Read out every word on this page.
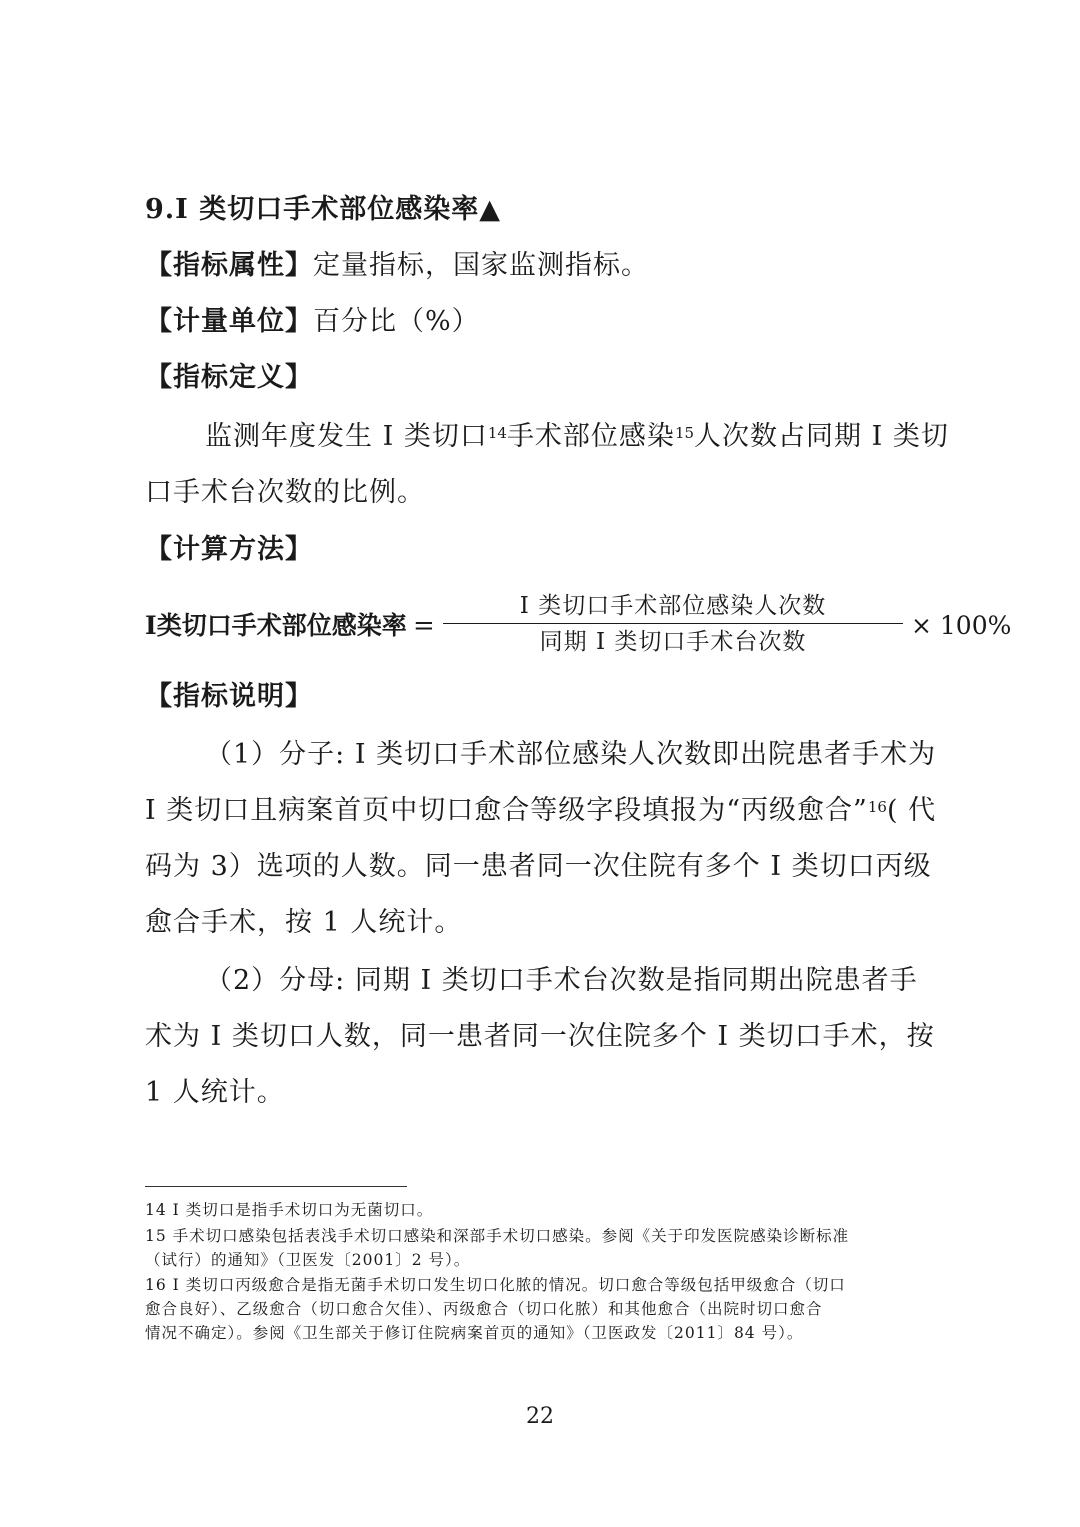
9.I 类切口手术部位感染率▲
【指标属性】定量指标，国家监测指标。
【计量单位】百分比（%）
【指标定义】
监测年度发生 I 类切口$^{14}$手术部位感染$^{15}$人次数占同期 I 类切
口手术台次数的比例。
【计算方法】
I类切口手术部位感染率 =
I 类切口手术部位感染人次数
同期 I 类切口手术台次数
× 100%
【指标说明】
（1）分子: I 类切口手术部位感染人次数即出院患者手术为
I 类切口且病案首页中切口愈合等级字段填报为“丙级愈合”$^{16}$( 代
码为 3）选项的人数。同一患者同一次住院有多个 I 类切口丙级
愈合手术，按 1 人统计。
（2）分母: 同期 I 类切口手术台次数是指同期出院患者手
术为 I 类切口人数，同一患者同一次住院多个 I 类切口手术，按
1 人统计。
14 I 类切口是指手术切口为无菌切口。
15 手术切口感染包括表浅手术切口感染和深部手术切口感染。参阅《关于印发医院感染诊断标准
（试行）的通知》（卫医发〔2001〕2 号）。
16 I 类切口丙级愈合是指无菌手术切口发生切口化脓的情况。切口愈合等级包括甲级愈合（切口
愈合良好）、乙级愈合（切口愈合欠佳）、丙级愈合（切口化脓）和其他愈合（出院时切口愈合
情况不确定）。参阅《卫生部关于修订住院病案首页的通知》（卫医政发〔2011〕84 号）。
22
